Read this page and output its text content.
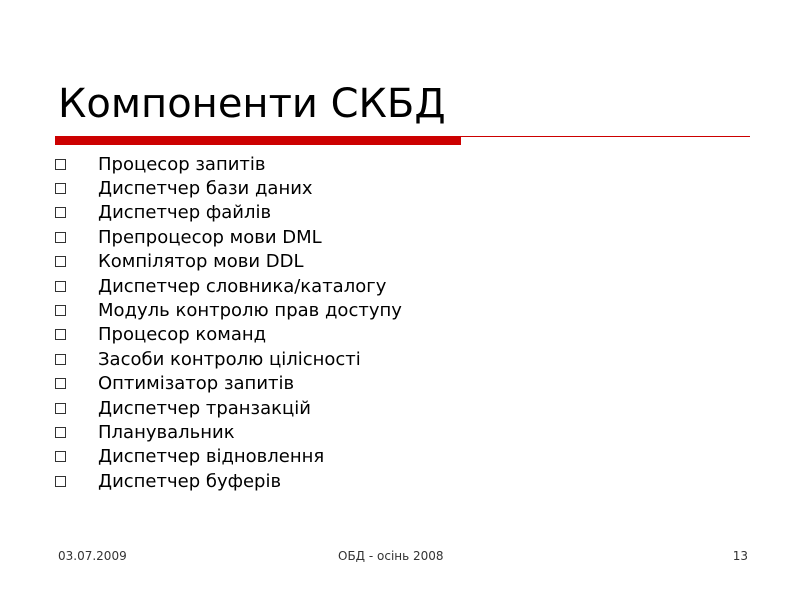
Компоненти СКБД
Процесор запитів
Диспетчер бази даних
Диспетчер файлів
Препроцесор мови DML
Компілятор мови DDL
Диспетчер словника/каталогу
Модуль контролю прав доступу
Процесор команд
Засоби контролю цілісності
Оптимізатор запитів
Диспетчер транзакцій
Планувальник
Диспетчер відновлення
Диспетчер буферів
03.07.2009	ОБД - осінь 2008	13
